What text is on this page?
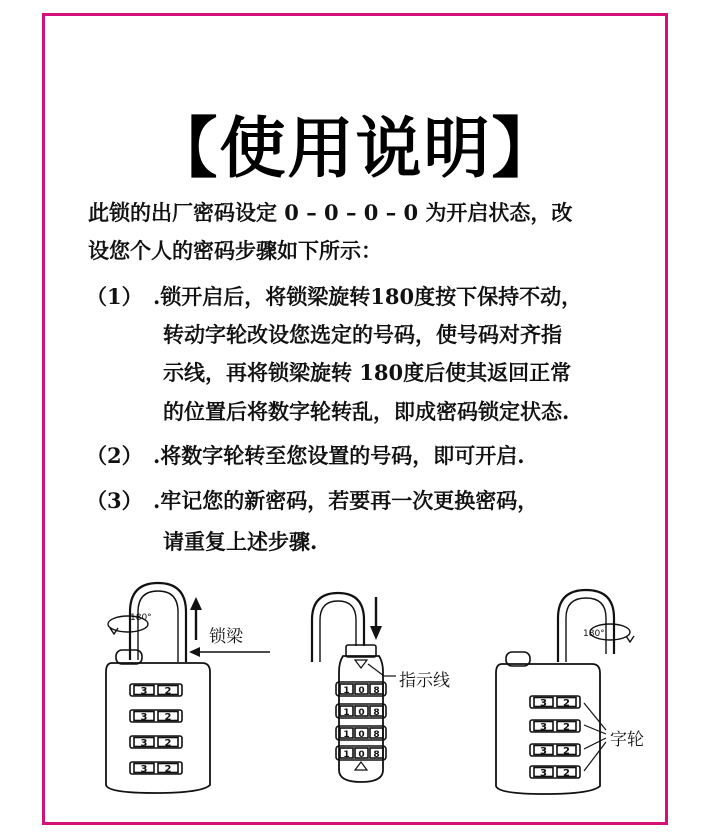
【使用说明】
此锁的出厂密码设定 0 – 0 – 0 – 0 为开启状态，改
设您个人的密码步骤如下所示：
（1） .锁开启后，将锁梁旋转180度按下保持不动，
转动字轮改设您选定的号码，使号码对齐指
示线，再将锁梁旋转 180度后使其返回正常
的位置后将数字轮转乱，即成密码锁定状态.
（2） .将数字轮转至您设置的号码，即可开启.
（3） .牢记您的新密码，若要再一次更换密码，
请重复上述步骤.
3 2
3 2
3 2
3 2
1 0 8
1 0 8
1 0 8
1 0 8
3 2
3 2
3 2
3 2
180°
180°
锁梁
指示线
字轮
